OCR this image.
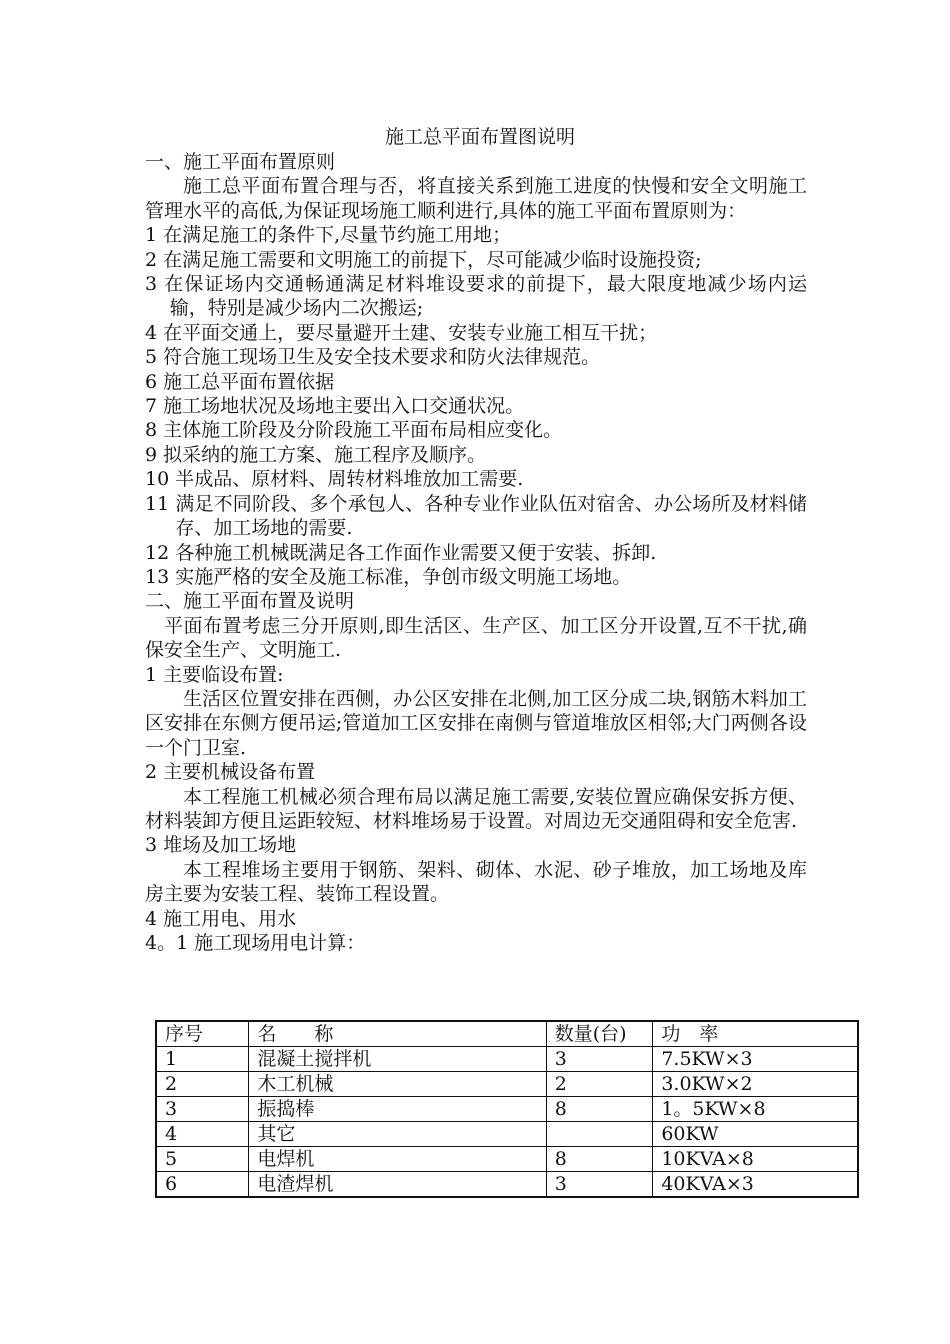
施工总平面布置图说明
一、施工平面布置原则
施工总平面布置合理与否，将直接关系到施工进度的快慢和安全文明施工管理水平的高低,为保证现场施工顺利进行,具体的施工平面布置原则为：
1 在满足施工的条件下,尽量节约施工用地；
2 在满足施工需要和文明施工的前提下，尽可能减少临时设施投资;
3 在保证场内交通畅通满足材料堆设要求的前提下，最大限度地减少场内运输，特别是减少场内二次搬运;
4 在平面交通上，要尽量避开土建、安装专业施工相互干扰；
5 符合施工现场卫生及安全技术要求和防火法律规范。
6 施工总平面布置依据
7 施工场地状况及场地主要出入口交通状况。
8 主体施工阶段及分阶段施工平面布局相应变化。
9 拟采纳的施工方案、施工程序及顺序。
10 半成品、原材料、周转材料堆放加工需要.
11 满足不同阶段、多个承包人、各种专业作业队伍对宿舍、办公场所及材料储存、加工场地的需要.
12 各种施工机械既满足各工作面作业需要又便于安装、拆卸.
13 实施严格的安全及施工标准，争创市级文明施工场地。
二、施工平面布置及说明
平面布置考虑三分开原则,即生活区、生产区、加工区分开设置,互不干扰,确保安全生产、文明施工.
1 主要临设布置:
生活区位置安排在西侧，办公区安排在北侧,加工区分成二块,钢筋木料加工区安排在东侧方便吊运;管道加工区安排在南侧与管道堆放区相邻;大门两侧各设一个门卫室.
2 主要机械设备布置
本工程施工机械必须合理布局以满足施工需要,安装位置应确保安拆方便、材料装卸方便且运距较短、材料堆场易于设置。对周边无交通阻碍和安全危害.
3 堆场及加工场地
本工程堆场主要用于钢筋、架料、砌体、水泥、砂子堆放，加工场地及库房主要为安装工程、装饰工程设置。
4 施工用电、用水
4。1 施工现场用电计算：
序号	名　　称	数量(台)	功　率
1	混凝土搅拌机	3	7.5KW×3
2	木工机械	2	3.0KW×2
3	振捣棒	8	1。5KW×8
4	其它		60KW
5	电焊机	8	10KVA×8
6	电渣焊机	3	40KVA×3
